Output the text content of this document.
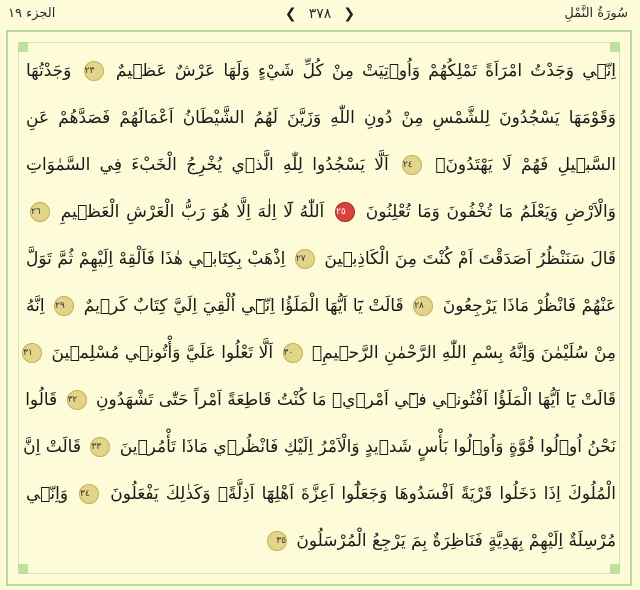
الجزء ١٩	❮ ٣٧٨ ❯	سُورَةُ النَّمْلِ
اِنّ۪ي وَجَدْتُ امْرَاَةً تَمْلِكُهُمْ وَاُو۫تِيَتْ مِنْ كُلِّ شَيْءٍ وَلَهَا عَرْشٌ عَظ۪يمٌ ٢٣ وَجَدْتُهَا
وَقَوْمَهَا يَسْجُدُونَ لِلشَّمْسِ مِنْ دُونِ اللّٰهِ وَزَيَّنَ لَهُمُ الشَّيْطَانُ اَعْمَالَهُمْ فَصَدَّهُمْ عَنِ
السَّب۪يلِ فَهُمْ لَا يَهْتَدُونَۙ ٢٤ اَلَّا يَسْجُدُوا لِلّٰهِ الَّذ۪ي يُخْرِجُ الْخَبْءَ فِي السَّمٰوَاتِ
وَالْاَرْضِ وَيَعْلَمُ مَا تُخْفُونَ وَمَا تُعْلِنُونَ ٢٥ اَللّٰهُ لَٓا اِلٰهَ اِلَّا هُوَ رَبُّ الْعَرْشِ الْعَظ۪يمِ ٢٦
قَالَ سَنَنْظُرُ اَصَدَقْتَ اَمْ كُنْتَ مِنَ الْكَاذِب۪ينَ ٢٧ اِذْهَبْ بِكِتَاب۪ي هٰذَا فَاَلْقِهْ اِلَيْهِمْ ثُمَّ تَوَلَّ
عَنْهُمْ فَانْظُرْ مَاذَا يَرْجِعُونَ ٢٨ قَالَتْ يَٓا اَيُّهَا الْمَلَؤُا اِنّ۪ٓي اُلْقِيَ اِلَيَّ كِتَابٌ كَر۪يمٌ ٢٩ اِنَّهُ
مِنْ سُلَيْمٰنَ وَاِنَّهُ بِسْمِ اللّٰهِ الرَّحْمٰنِ الرَّح۪يمِۙ ٣٠ اَلَّا تَعْلُوا عَلَيَّ وَأْتُون۪ي مُسْلِم۪ينَ ٣١
قَالَتْ يَٓا اَيُّهَا الْمَلَؤُا اَفْتُون۪ي ف۪ٓي اَمْر۪يۚ مَا كُنْتُ قَاطِعَةً اَمْراً حَتّٰى تَشْهَدُونِ ٣٢ قَالُوا
نَحْنُ اُو۬لُوا قُوَّةٍ وَاُو۬لُوا بَأْسٍ شَد۪يدٍ وَالْاَمْرُ اِلَيْكِ فَانْظُر۪ي مَاذَا تَأْمُر۪ينَ ٣٣ قَالَتْ اِنَّ
الْمُلُوكَ اِذَا دَخَلُوا قَرْيَةً اَفْسَدُوهَا وَجَعَلُٓوا اَعِزَّةَ اَهْلِهَٓا اَذِلَّةًۚ وَكَذٰلِكَ يَفْعَلُونَ ٣٤ وَاِنّ۪ي
مُرْسِلَةٌ اِلَيْهِمْ بِهَدِيَّةٍ فَنَاظِرَةٌ بِمَ يَرْجِعُ الْمُرْسَلُونَ ٣٥
